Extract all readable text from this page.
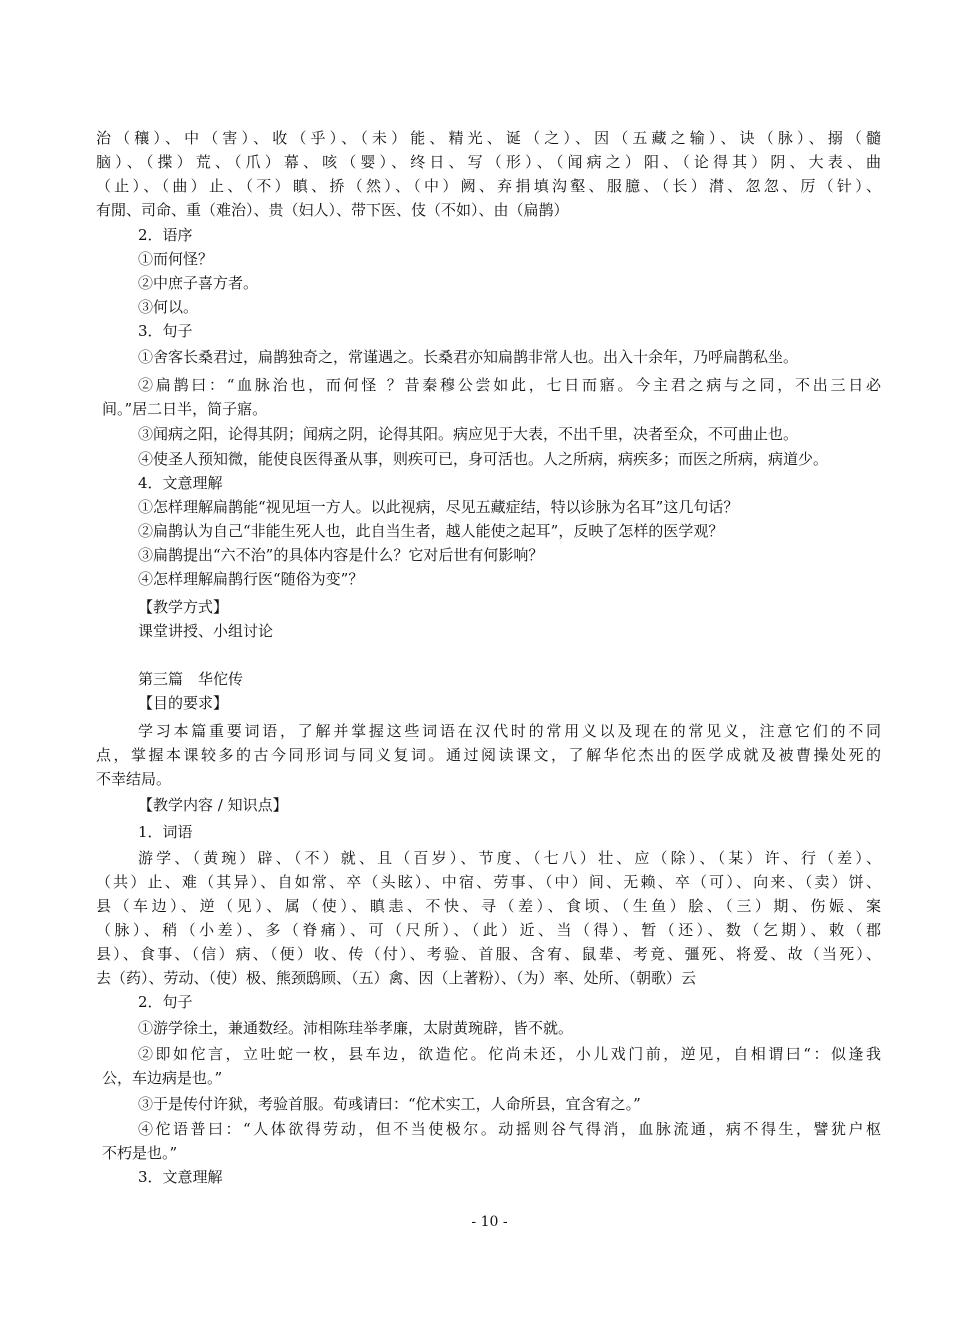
治（穰）、中（害）、收（乎）、（未）能、精光、诞（之）、因（五藏之输）、诀（脉）、搦（髓
脑）、（揲）荒、（爪）幕、咳（婴）、终日、写（形）、（闻病之）阳、（论得其）阴、大表、曲
（止）、（曲）止、（不）瞋、挢（然）、（中）阙、弃捐填沟壑、服臆、（长）潸、忽忽、厉（针）、
有閒、司命、重（难治）、贵（妇人）、带下医、伎（不如）、由（扁鹊）
2．语序
①而何怪？
②中庶子喜方者。
③何以。
3．句子
①舍客长桑君过，扁鹊独奇之，常谨遇之。长桑君亦知扁鹊非常人也。出入十余年，乃呼扁鹊私坐。
②扁鹊曰：“血脉治也，而何怪 ？昔秦穆公尝如此，七日而寤。今主君之病与之同，不出三日必
间。”居二日半，简子寤。
③闻病之阳，论得其阴；闻病之阴，论得其阳。病应见于大表，不出千里，决者至众，不可曲止也。
④使圣人预知微，能使良医得蚤从事，则疾可已，身可活也。人之所病，病疾多；而医之所病，病道少。
4．文意理解
①怎样理解扁鹊能“视见垣一方人。以此视病，尽见五藏症结，特以诊脉为名耳”这几句话？
②扁鹊认为自己“非能生死人也，此自当生者，越人能使之起耳”，反映了怎样的医学观？
③扁鹊提出“六不治”的具体内容是什么？它对后世有何影响？
④怎样理解扁鹊行医“随俗为变”？
【教学方式】
课堂讲授、小组讨论
第三篇　华佗传
【目的要求】
学习本篇重要词语，了解并掌握这些词语在汉代时的常用义以及现在的常见义，注意它们的不同
点，掌握本课较多的古今同形词与同义复词。通过阅读课文，了解华佗杰出的医学成就及被曹操处死的
不幸结局。
【教学内容 / 知识点】
1．词语
游学、（黄琬）辟、（不）就、且（百岁）、节度、（七八）壮、应（除）、（某）许、行（差）、
（共）止、难（其异）、自如常、卒（头眩）、中宿、劳事、（中）间、无赖、卒（可）、向来、（卖）饼、
县（车边）、逆（见）、属（使）、瞋恚、不快、寻（差）、食顷、（生鱼）脍、（三）期、伤娠、案
（脉）、稍（小差）、多（脊痛）、可（尺所）、（此）近、当（得）、暂（还）、数（乞期）、敕（郡
县）、食事、（信）病、（便）收、传（付）、考验、首服、含宥、鼠辈、考竟、彊死、将爱、故（当死）、
去（药）、劳动、（使）极、熊颈鸱顾、（五）禽、因（上著粉）、（为）率、处所、（朝歌）云
2．句子
①游学徐土，兼通数经。沛相陈珪举孝廉，太尉黄琬辟，皆不就。
②即如佗言，立吐蛇一枚，县车边，欲造佗。佗尚未还，小儿戏门前，逆见，自相谓曰“：似逢我
公，车边病是也。”
③于是传付许狱，考验首服。荀彧请曰：“佗术实工，人命所县，宜含宥之。”
④佗语普曰：“人体欲得劳动，但不当使极尔。动摇则谷气得消，血脉流通，病不得生，譬犹户枢
不朽是也。”
3．文意理解
- 10 -
